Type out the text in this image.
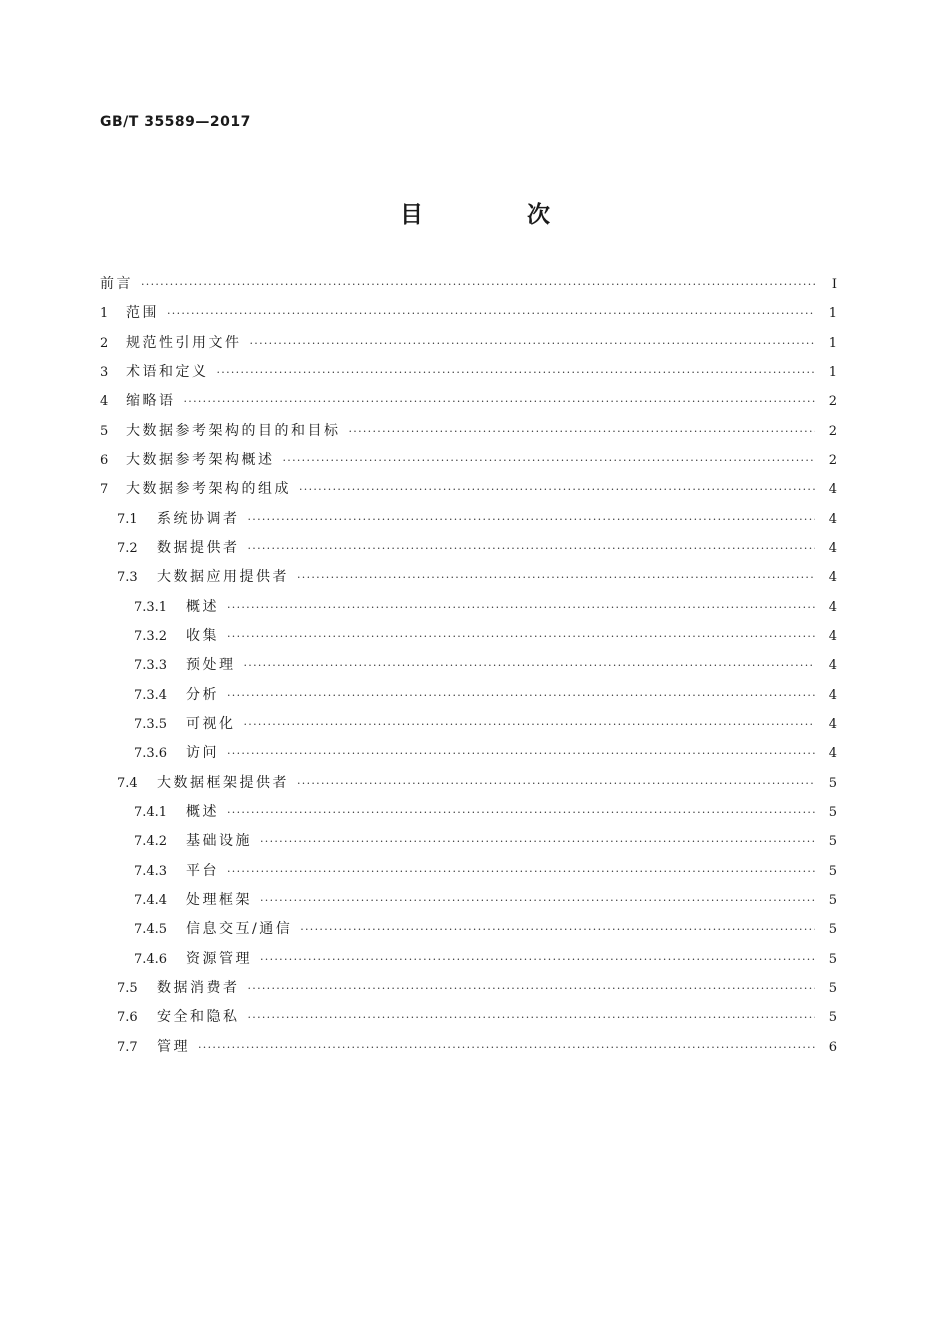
GB/T 35589—2017
目 次
前言 ·····	Ⅰ
1	范围 ·····	1
2	规范性引用文件 ·····	1
3	术语和定义 ·····	1
4	缩略语 ·····	2
5	大数据参考架构的目的和目标 ·····	2
6	大数据参考架构概述 ·····	2
7	大数据参考架构的组成 ·····	4
7.1	系统协调者 ·····	4
7.2	数据提供者 ·····	4
7.3	大数据应用提供者 ·····	4
7.3.1	概述 ·····	4
7.3.2	收集 ·····	4
7.3.3	预处理 ·····	4
7.3.4	分析 ·····	4
7.3.5	可视化 ·····	4
7.3.6	访问 ·····	4
7.4	大数据框架提供者 ·····	5
7.4.1	概述 ·····	5
7.4.2	基础设施 ·····	5
7.4.3	平台 ·····	5
7.4.4	处理框架 ·····	5
7.4.5	信息交互/通信 ·····	5
7.4.6	资源管理 ·····	5
7.5	数据消费者 ·····	5
7.6	安全和隐私 ·····	5
7.7	管理 ·····	6
